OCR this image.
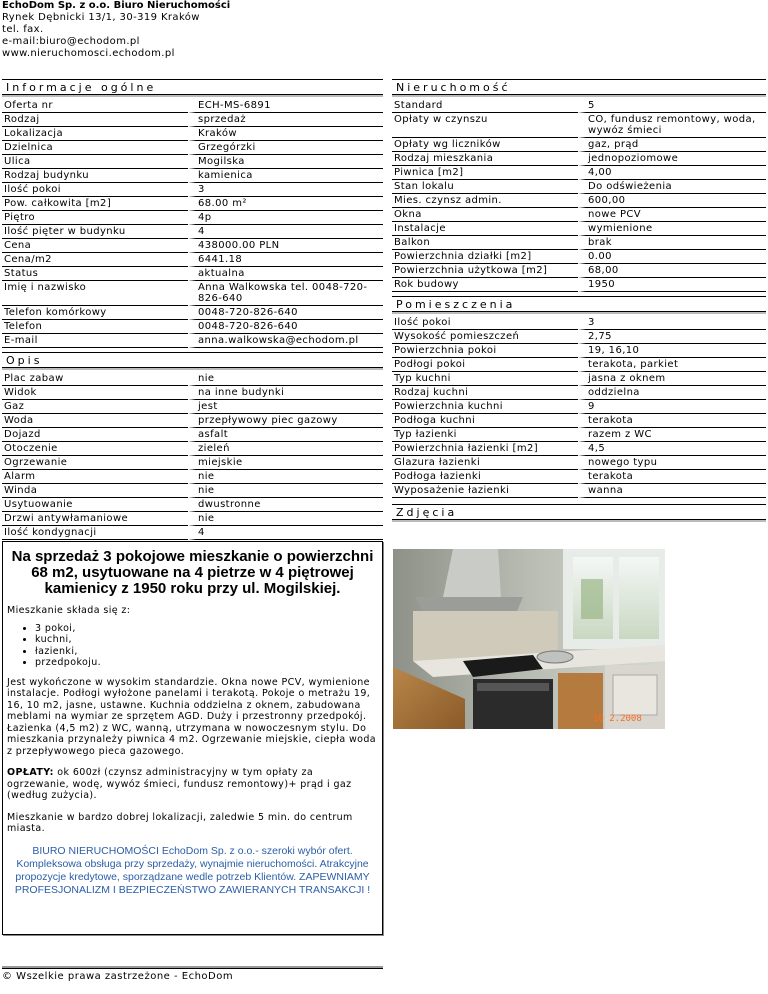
EchoDom Sp. z o.o. Biuro Nieruchomości
Rynek Dębnicki 13/1, 30-319 Kraków
tel. fax.
e-mail:biuro@echodom.pl
www.nieruchomosci.echodom.pl
Informacje ogólne
Oferta nr	ECH-MS-6891
Rodzaj	sprzedaż
Lokalizacja	Kraków
Dzielnica	Grzegórzki
Ulica	Mogilska
Rodzaj budynku	kamienica
Ilość pokoi	3
Pow. całkowita [m2]	68.00 m²
Piętro	4p
Ilość pięter w budynku	4
Cena	438000.00 PLN
Cena/m2	6441.18
Status	aktualna
Imię i nazwisko	Anna Walkowska tel. 0048-720-826-640
Telefon komórkowy	0048-720-826-640
Telefon	0048-720-826-640
E-mail	anna.walkowska@echodom.pl
Opis
Plac zabaw	nie
Widok	na inne budynki
Gaz	jest
Woda	przepływowy piec gazowy
Dojazd	asfalt
Otoczenie	zieleń
Ogrzewanie	miejskie
Alarm	nie
Winda	nie
Usytuowanie	dwustronne
Drzwi antywłamaniowe	nie
Ilość kondygnacji	4
Na sprzedaż 3 pokojowe mieszkanie o powierzchni 68 m2, usytuowane na 4 pietrze w 4 piętrowej kamienicy z 1950 roku przy ul. Mogilskiej.
Mieszkanie składa się z:
• 3 pokoi,
• kuchni,
• łazienki,
• przedpokoju.

Jest wykończone w wysokim standardzie. Okna nowe PCV, wymienione instalacje. Podłogi wyłożone panelami i terakotą. Pokoje o metrażu 19, 16, 10 m2, jasne, ustawne. Kuchnia oddzielna z oknem, zabudowana meblami na wymiar ze sprzętem AGD. Duży i przestronny przedpokój. Łazienka (4,5 m2) z WC, wanną, utrzymana w nowoczesnym stylu. Do mieszkania przynależy piwnica 4 m2. Ogrzewanie miejskie, ciepła woda z przepływowego pieca gazowego.

OPŁATY: ok 600zł (czynsz administracyjny w tym opłaty za ogrzewanie, wodę, wywóz śmieci, fundusz remontowy)+ prąd i gaz (według zużycia).

Mieszkanie w bardzo dobrej lokalizacji, zaledwie 5 min. do centrum miasta.

BIURO NIERUCHOMOŚCI EchoDom Sp. z o.o.- szeroki wybór ofert. Kompleksowa obsługa przy sprzedaży, wynajmie nieruchomości. Atrakcyjne propozycje kredytowe, sporządzane wedle potrzeb Klientów. ZAPEWNIAMY PROFESJONALIZM I BEZPIECZEŃSTWO ZAWIERANYCH TRANSAKCJI !
Nieruchomość
Standard	5
Opłaty w czynszu	CO, fundusz remontowy, woda, wywóz śmieci
Opłaty wg liczników	gaz, prąd
Rodzaj mieszkania	jednopoziomowe
Piwnica [m2]	4,00
Stan lokalu	Do odświeżenia
Mies. czynsz admin.	600,00
Okna	nowe PCV
Instalacje	wymienione
Balkon	brak
Powierzchnia działki [m2]	0.00
Powierzchnia użytkowa [m2]	68,00
Rok budowy	1950
Pomieszczenia
Ilość pokoi	3
Wysokość pomieszczeń	2,75
Powierzchnia pokoi	19, 16,10
Podłogi pokoi	terakota, parkiet
Typ kuchni	jasna z oknem
Rodzaj kuchni	oddzielna
Powierzchnia kuchni	9
Podłoga kuchni	terakota
Typ łazienki	razem z WC
Powierzchnia łazienki [m2]	4,5
Glazura łazienki	nowego typu
Podłoga łazienki	terakota
Wyposażenie łazienki	wanna
Zdjęcia
10 2.2008
© Wszelkie prawa zastrzeżone - EchoDom
